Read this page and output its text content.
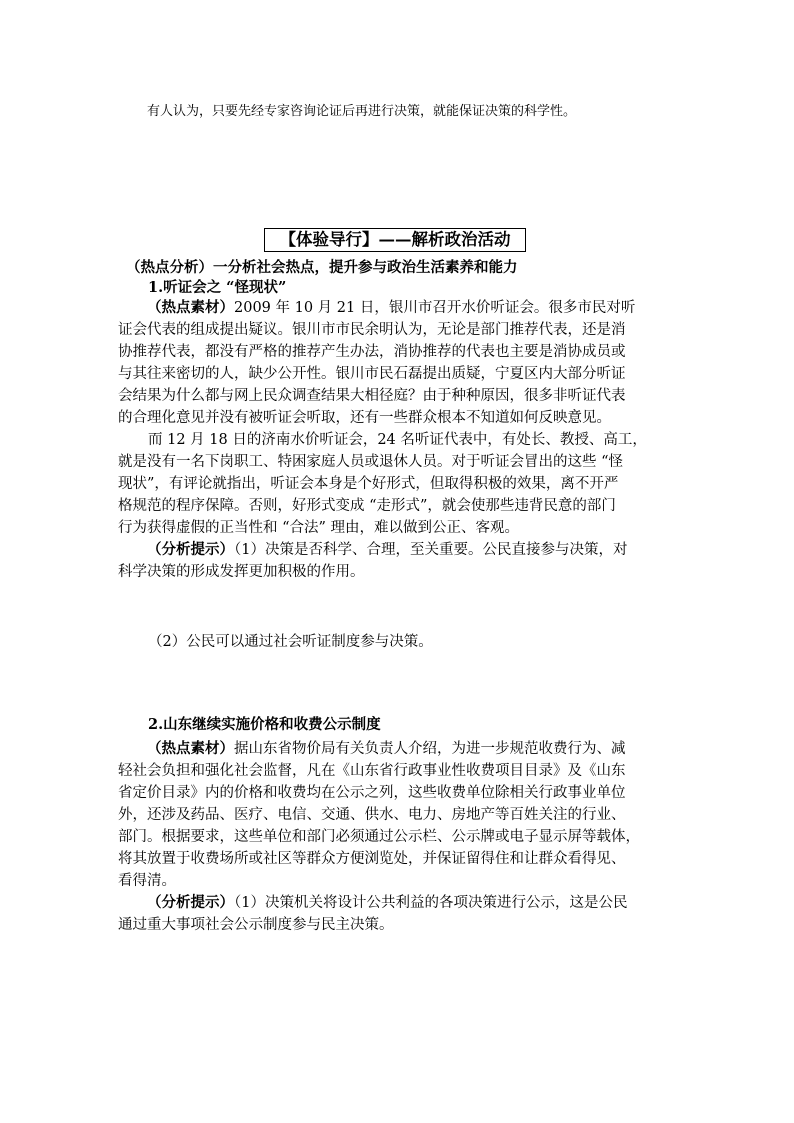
有人认为，只要先经专家咨询论证后再进行决策，就能保证决策的科学性。

【体验导行】——解析政治活动

（热点分析）一分析社会热点，提升参与政治生活素养和能力

1.听证会之 “怪现状”

（热点素材）2009 年 10 月 21 日，银川市召开水价听证会。很多市民对听

证会代表的组成提出疑议。银川市市民余明认为，无论是部门推荐代表，还是消

协推荐代表，都没有严格的推荐产生办法，消协推荐的代表也主要是消协成员或

与其往来密切的人，缺少公开性。银川市民石磊提出质疑，宁夏区内大部分听证

会结果为什么都与网上民众调查结果大相径庭？由于种种原因，很多非听证代表

的合理化意见并没有被听证会听取，还有一些群众根本不知道如何反映意见。

而 12 月 18 日的济南水价听证会，24 名听证代表中，有处长、教授、高工，

就是没有一名下岗职工、特困家庭人员或退休人员。对于听证会冒出的这些 “怪

现状”，有评论就指出，听证会本身是个好形式，但取得积极的效果，离不开严

格规范的程序保障。否则，好形式变成 “走形式”，就会使那些违背民意的部门

行为获得虚假的正当性和 “合法” 理由，难以做到公正、客观。

（分析提示）（1）决策是否科学、合理，至关重要。公民直接参与决策，对

科学决策的形成发挥更加积极的作用。

（2）公民可以通过社会听证制度参与决策。

2.山东继续实施价格和收费公示制度

（热点素材）据山东省物价局有关负责人介绍，为进一步规范收费行为、减

轻社会负担和强化社会监督，凡在《山东省行政事业性收费项目目录》及《山东

省定价目录》内的价格和收费均在公示之列，这些收费单位除相关行政事业单位

外，还涉及药品、医疗、电信、交通、供水、电力、房地产等百姓关注的行业、

部门。根据要求，这些单位和部门必须通过公示栏、公示牌或电子显示屏等载体，

将其放置于收费场所或社区等群众方便浏览处，并保证留得住和让群众看得见、

看得清。

（分析提示）（1）决策机关将设计公共利益的各项决策进行公示，这是公民

通过重大事项社会公示制度参与民主决策。
